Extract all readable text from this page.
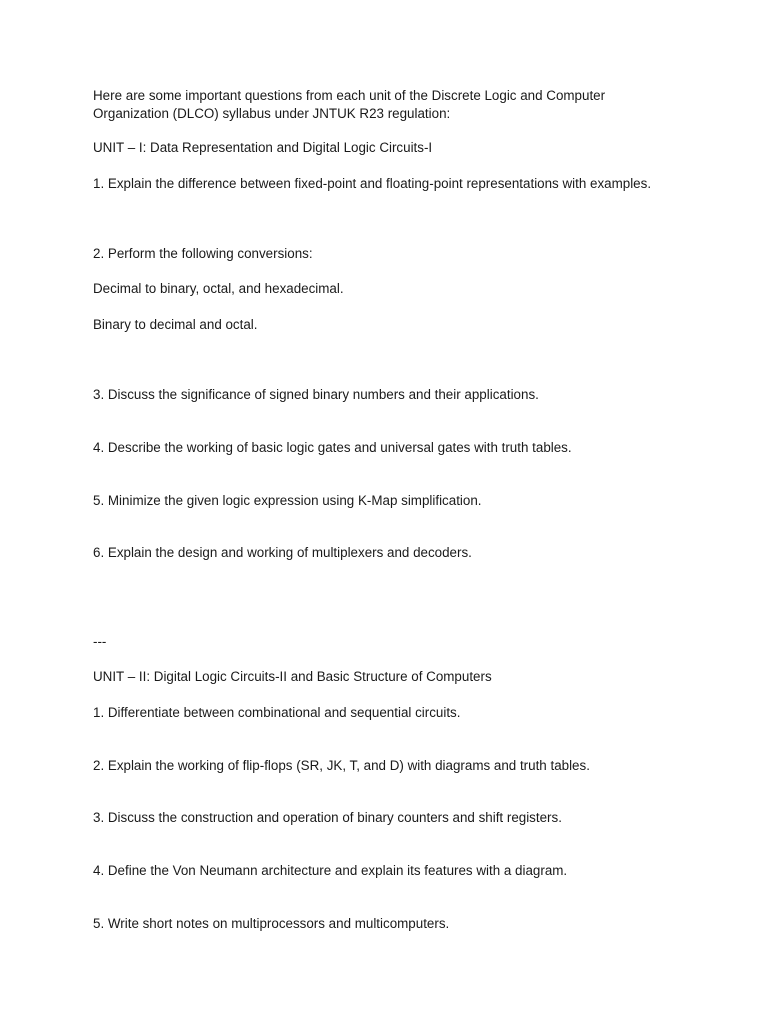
Here are some important questions from each unit of the Discrete Logic and Computer Organization (DLCO) syllabus under JNTUK R23 regulation:
UNIT – I: Data Representation and Digital Logic Circuits-I
1. Explain the difference between fixed-point and floating-point representations with examples.
2. Perform the following conversions:
Decimal to binary, octal, and hexadecimal.
Binary to decimal and octal.
3. Discuss the significance of signed binary numbers and their applications.
4. Describe the working of basic logic gates and universal gates with truth tables.
5. Minimize the given logic expression using K-Map simplification.
6. Explain the design and working of multiplexers and decoders.
---
UNIT – II: Digital Logic Circuits-II and Basic Structure of Computers
1. Differentiate between combinational and sequential circuits.
2. Explain the working of flip-flops (SR, JK, T, and D) with diagrams and truth tables.
3. Discuss the construction and operation of binary counters and shift registers.
4. Define the Von Neumann architecture and explain its features with a diagram.
5. Write short notes on multiprocessors and multicomputers.
